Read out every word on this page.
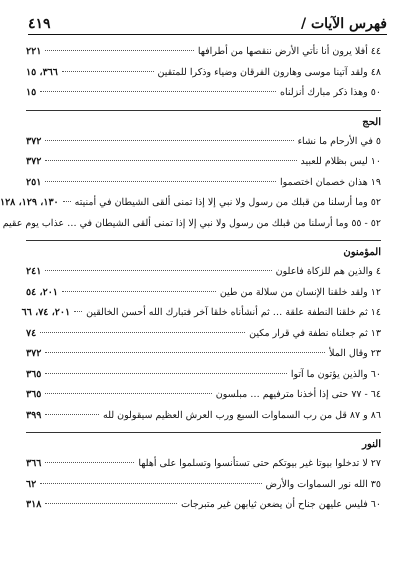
فهرس الآيات /
٤١٩
٤٤ أفلا يرون أنا نأتي الأرض ننقصها من أطرافها
٢٢١
٤٨ ولقد آتينا موسى وهارون الفرقان وضياء وذكرا للمتقين
٣٦٦، ١٥
٥٠ وهذا ذكر مبارك أنزلناه
١٥
الحج
٥ في الأرحام ما نشاء
٣٧٢
١٠ ليس بظلام للعبيد
٣٧٢
١٩ هذان خصمان اختصموا
٢٥١
٥٢ وما أرسلنا من قبلك من رسول ولا نبي إلا إذا تمنى ألقى الشيطان في أمنيته
١٣٠، ١٢٩، ١٢٨
٥٢ - ٥٥ وما أرسلنا من قبلك من رسول ولا نبي إلا إذا تمنى ألقى الشيطان في … عذاب يوم عقيم
المؤمنون
٤ والذين هم للزكاة فاعلون
٢٤١
١٢ ولقد خلقنا الإنسان من سلالة من طين
٢٠١، ٥٤
١٤ ثم خلقنا النطفة علقة … ثم أنشأناه خلقا آخر فتبارك الله أحسن الخالقين
٢٠١، ٧٤، ٦٦
١٣ ثم جعلناه نطفة في قرار مكين
٧٤
٢٣ وقال الملأ
٣٧٢
٦٠ والذين يؤتون ما آتوا
٣٦٥
٦٤ - ٧٧ حتى إذا أخذنا مترفيهم … مبلسون
٣٦٥
٨٦ و ٨٧ قل من رب السماوات السبع ورب العرش العظيم سيقولون لله
٣٩٩
النور
٢٧ لا تدخلوا بيوتا غير بيوتكم حتى تستأنسوا وتسلموا على أهلها
٣٦٦
٣٥ الله نور السماوات والأرض
٦٢
٦٠ فليس عليهن جناح أن يضعن ثيابهن غير متبرجات
٣١٨
